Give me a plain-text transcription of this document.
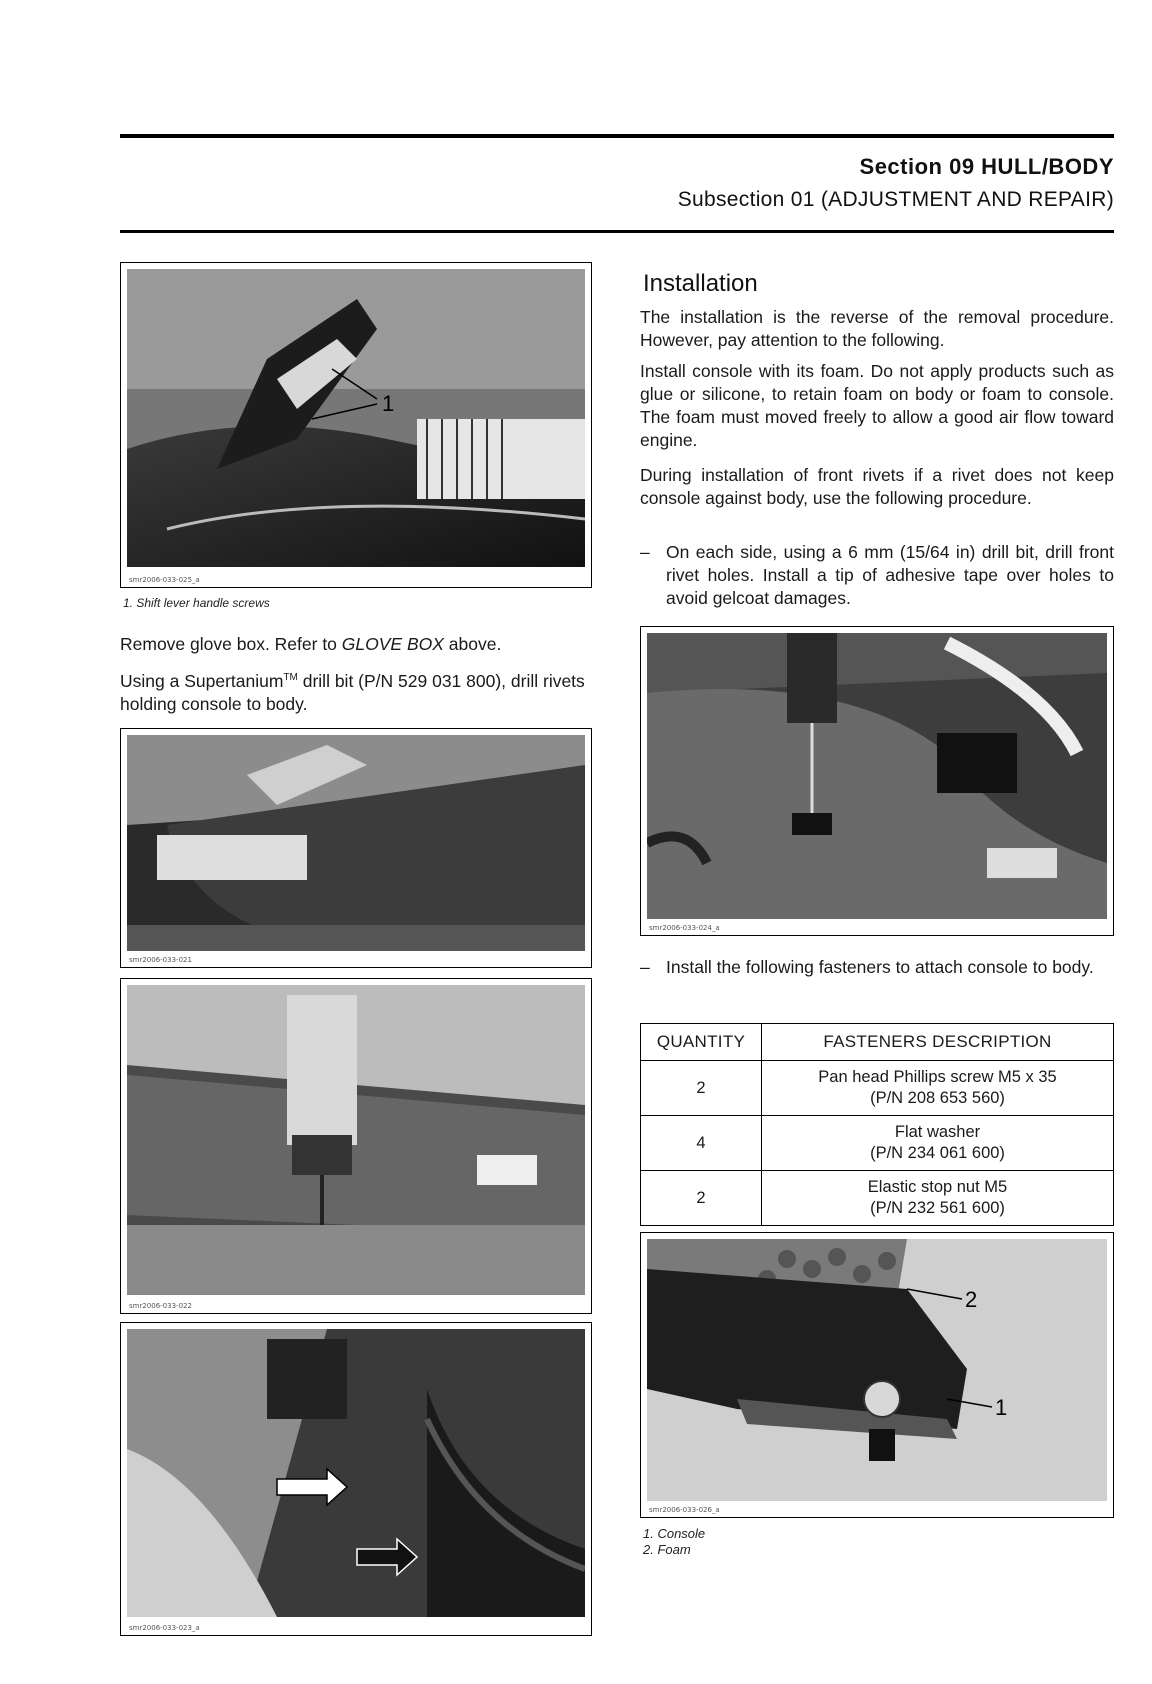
Section 09 HULL/BODY
Subsection 01 (ADJUSTMENT AND REPAIR)
1
smr2006-033-025_a
1. Shift lever handle screws

Remove glove box. Refer to GLOVE BOX above.

Using a Supertanium™ drill bit (P/N 529 031 800), drill rivets holding console to body.

smr2006-033-021
smr2006-033-022
smr2006-033-023_a
Installation

The installation is the reverse of the removal procedure. However, pay attention to the following.

Install console with its foam. Do not apply products such as glue or silicone, to retain foam on body or foam to console. The foam must moved freely to allow a good air flow toward engine.

During installation of front rivets if a rivet does not keep console against body, use the following procedure.

– On each side, using a 6 mm (15/64 in) drill bit, drill front rivet holes. Install a tip of adhesive tape over holes to avoid gelcoat damages.
smr2006-033-024_a
– Install the following fasteners to attach console to body.
QUANTITY	FASTENERS DESCRIPTION
2	Pan head Phillips screw M5 x 35
(P/N 208 653 560)
4	Flat washer
(P/N 234 061 600)
2	Elastic stop nut M5
(P/N 232 561 600)
2
1
smr2006-033-026_a
1. Console
2. Foam
